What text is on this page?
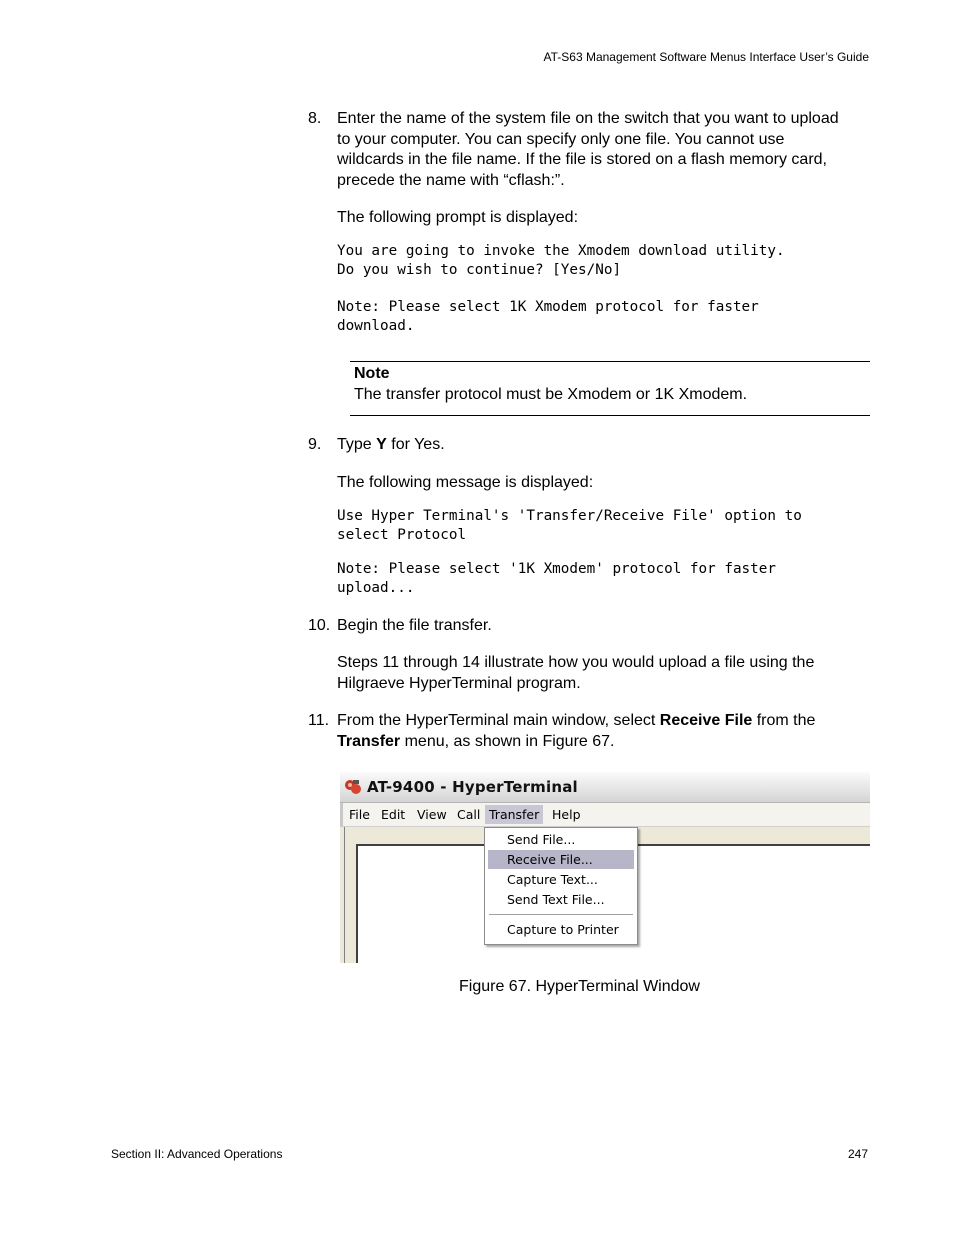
AT-S63 Management Software Menus Interface User’s Guide
8. Enter the name of the system file on the switch that you want to upload
to your computer. You can specify only one file. You cannot use
wildcards in the file name. If the file is stored on a flash memory card,
precede the name with “cflash:”.
The following prompt is displayed:
You are going to invoke the Xmodem download utility.
Do you wish to continue? [Yes/No]
Note: Please select 1K Xmodem protocol for faster
download.
Note
The transfer protocol must be Xmodem or 1K Xmodem.
9. Type Y for Yes.
The following message is displayed:
Use Hyper Terminal's 'Transfer/Receive File' option to
select Protocol
Note: Please select '1K Xmodem' protocol for faster
upload...
10. Begin the file transfer.
Steps 11 through 14 illustrate how you would upload a file using the
Hilgraeve HyperTerminal program.
11. From the HyperTerminal main window, select Receive File from the
Transfer menu, as shown in Figure 67.
AT-9400 - HyperTerminal
File Edit View Call Transfer	Help
Send File...
Receive File...
Capture Text...
Send Text File...
Capture to Printer
Figure 67. HyperTerminal Window
Section II: Advanced Operations	247
